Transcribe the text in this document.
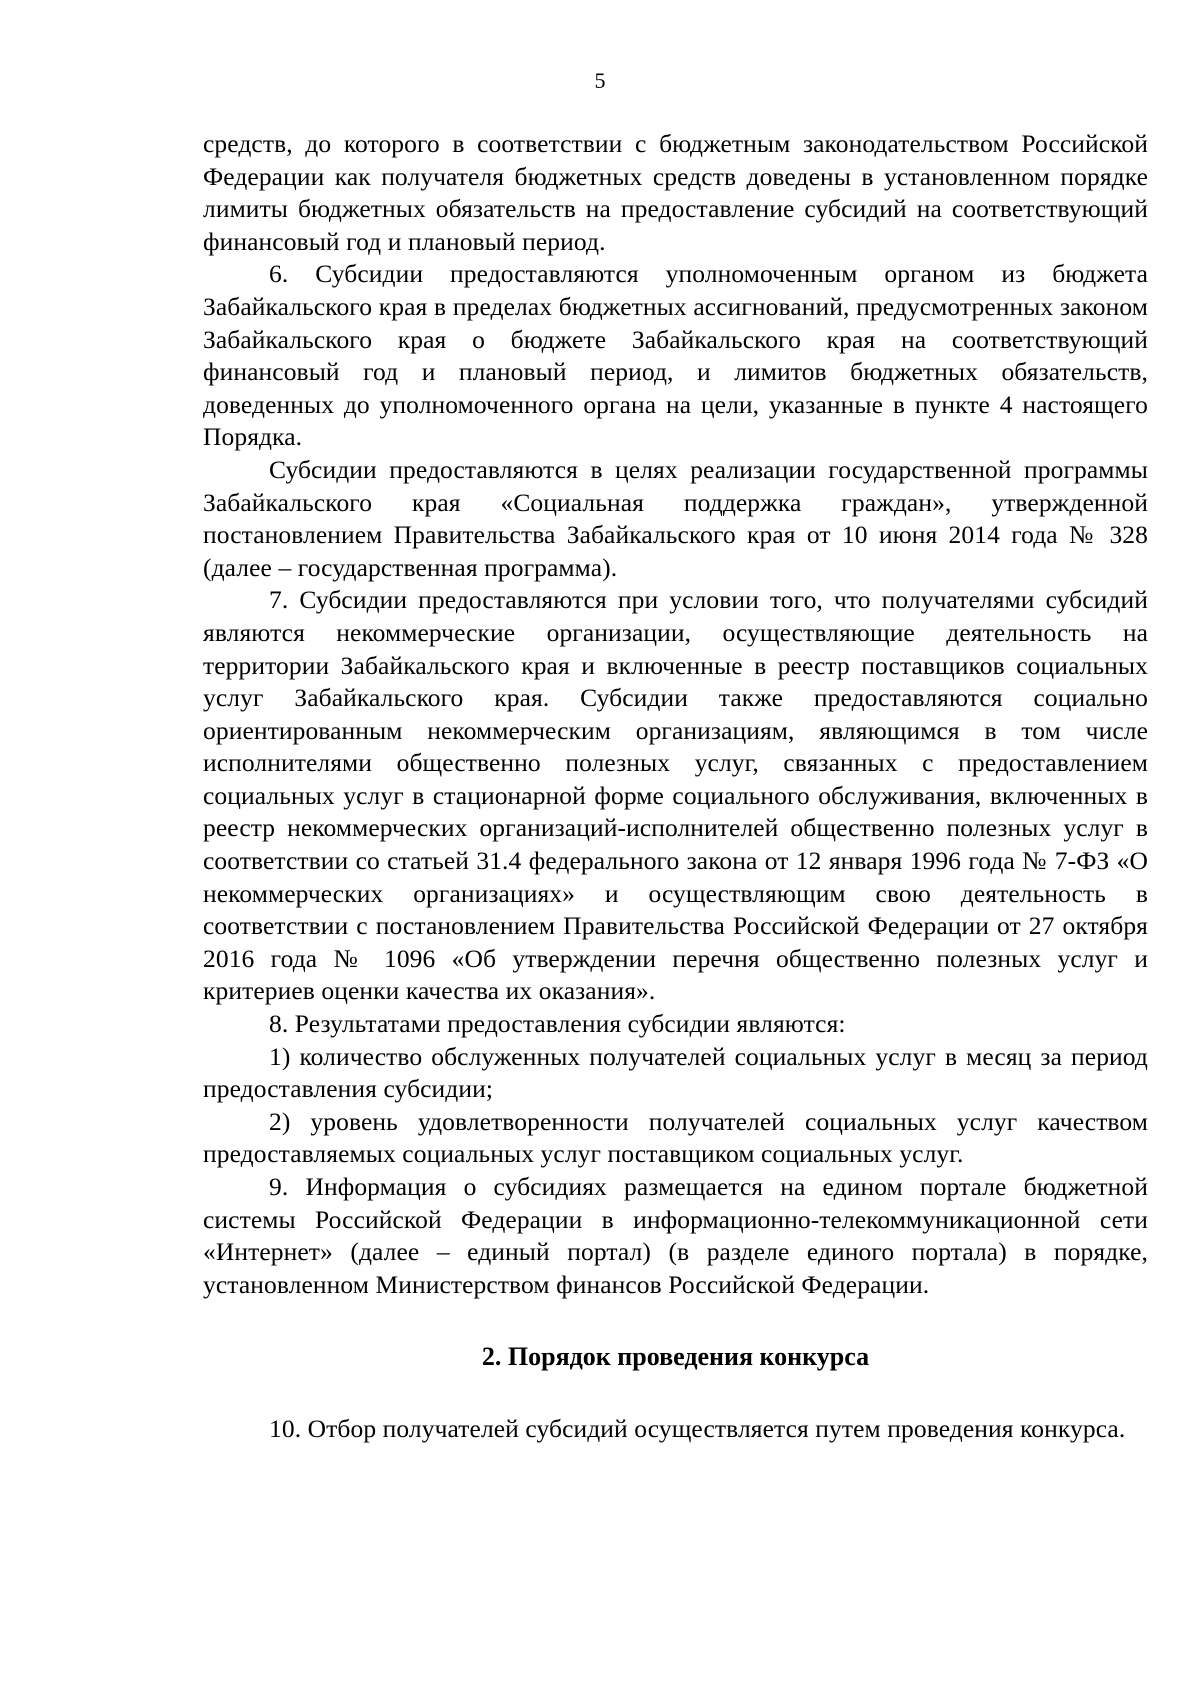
5

средств, до которого в соответствии с бюджетным законодательством Российской Федерации как получателя бюджетных средств доведены в установленном порядке лимиты бюджетных обязательств на предоставление субсидий на соответствующий финансовый год и плановый период.

6. Субсидии предоставляются уполномоченным органом из бюджета Забайкальского края в пределах бюджетных ассигнований, предусмотренных законом Забайкальского края о бюджете Забайкальского края на соответствующий финансовый год и плановый период, и лимитов бюджетных обязательств, доведенных до уполномоченного органа на цели, указанные в пункте 4 настоящего Порядка.

Субсидии предоставляются в целях реализации государственной программы Забайкальского края «Социальная поддержка граждан», утвержденной постановлением Правительства Забайкальского края от 10 июня 2014 года № 328 (далее – государственная программа).

7. Субсидии предоставляются при условии того, что получателями субсидий являются некоммерческие организации, осуществляющие деятельность на территории Забайкальского края и включенные в реестр поставщиков социальных услуг Забайкальского края. Субсидии также предоставляются социально ориентированным некоммерческим организациям, являющимся в том числе исполнителями общественно полезных услуг, связанных с предоставлением социальных услуг в стационарной форме социального обслуживания, включенных в реестр некоммерческих организаций-исполнителей общественно полезных услуг в соответствии со статьей 31.4 федерального закона от 12 января 1996 года № 7-ФЗ «О некоммерческих организациях» и осуществляющим свою деятельность в соответствии с постановлением Правительства Российской Федерации от 27 октября 2016 года № 1096 «Об утверждении перечня общественно полезных услуг и критериев оценки качества их оказания».

8. Результатами предоставления субсидии являются:

1) количество обслуженных получателей социальных услуг в месяц за период предоставления субсидии;

2) уровень удовлетворенности получателей социальных услуг качеством предоставляемых социальных услуг поставщиком социальных услуг.

9. Информация о субсидиях размещается на едином портале бюджетной системы Российской Федерации в информационно-телекоммуникационной сети «Интернет» (далее – единый портал) (в разделе единого портала) в порядке, установленном Министерством финансов Российской Федерации.

2. Порядок проведения конкурса

10. Отбор получателей субсидий осуществляется путем проведения конкурса.
